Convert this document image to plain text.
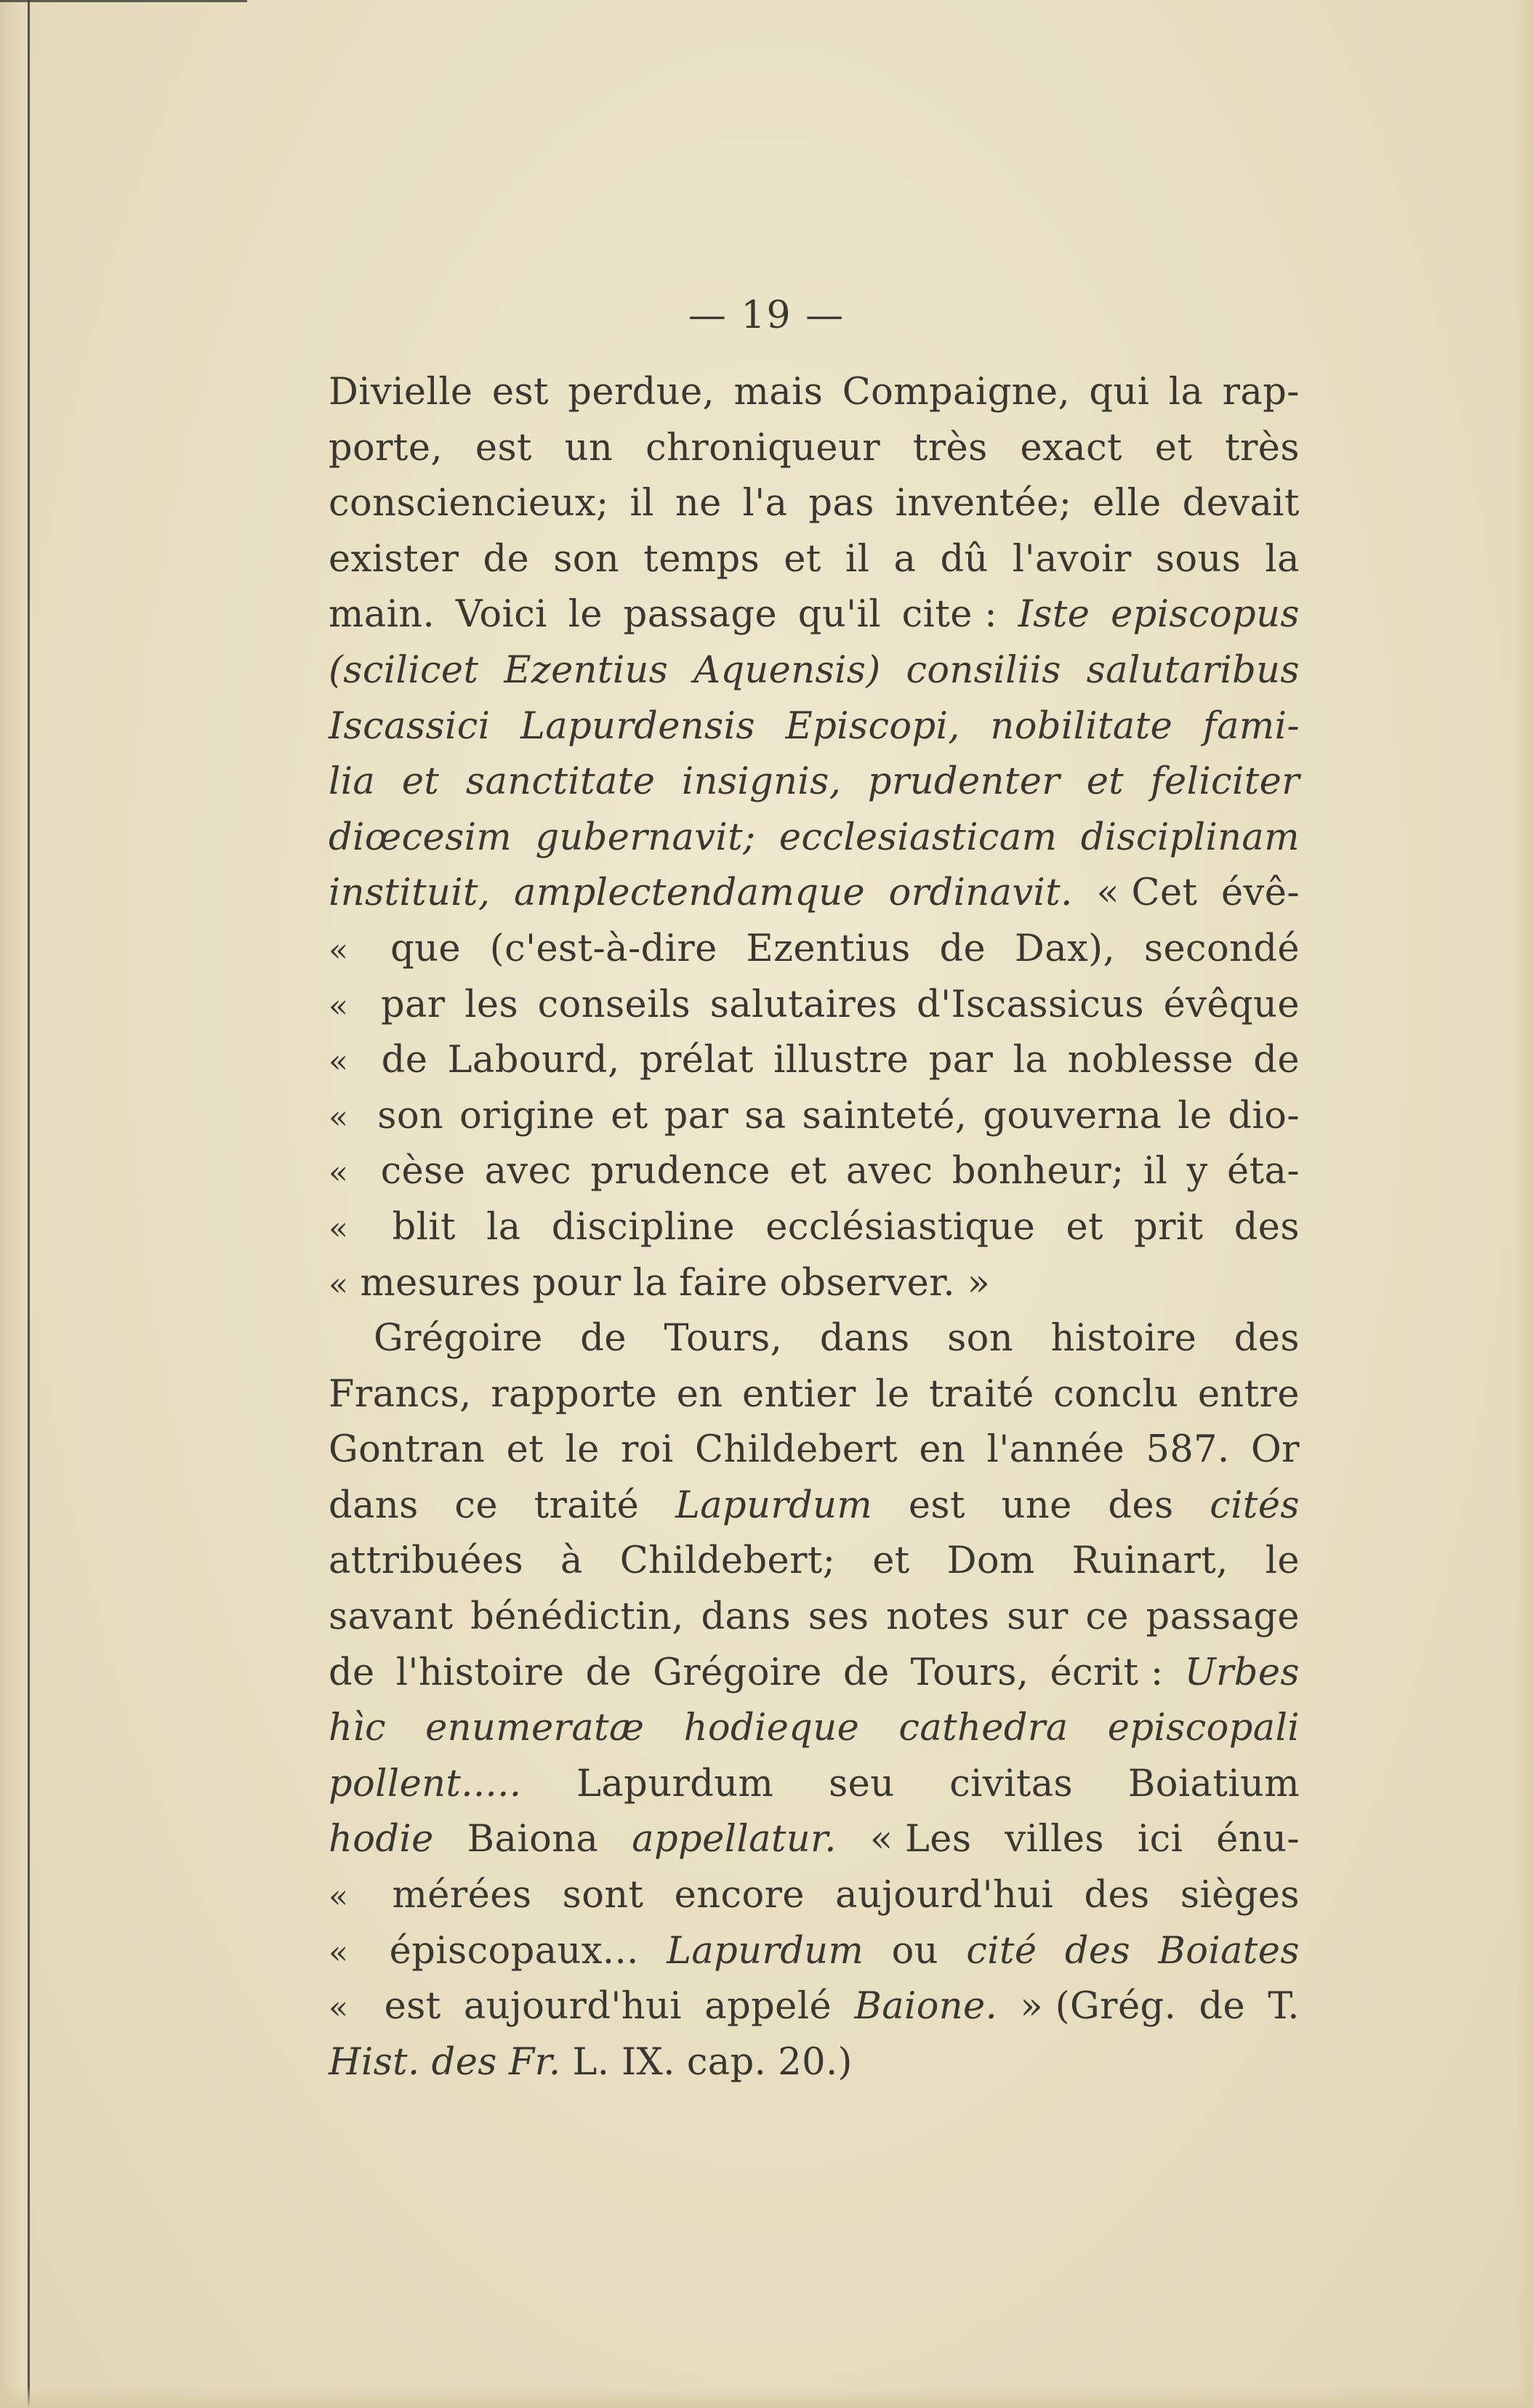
— 19 —
Divielle est perdue, mais Compaigne, qui la rap-
porte, est un chroniqueur très exact et très
consciencieux; il ne l'a pas inventée; elle devait
exister de son temps et il a dû l'avoir sous la
main. Voici le passage qu'il cite : Iste episcopus
(scilicet Ezentius Aquensis) consiliis salutaribus
Iscassici Lapurdensis Episcopi, nobilitate fami-
lia et sanctitate insignis, prudenter et feliciter
diœcesim gubernavit; ecclesiasticam disciplinam
instituit, amplectendamque ordinavit. « Cet évê-
« que (c'est-à-dire Ezentius de Dax), secondé
« par les conseils salutaires d'Iscassicus évêque
« de Labourd, prélat illustre par la noblesse de
« son origine et par sa sainteté, gouverna le dio-
« cèse avec prudence et avec bonheur; il y éta-
« blit la discipline ecclésiastique et prit des
« mesures pour la faire observer. »
Grégoire de Tours, dans son histoire des
Francs, rapporte en entier le traité conclu entre
Gontran et le roi Childebert en l'année 587. Or
dans ce traité Lapurdum est une des cités
attribuées à Childebert; et Dom Ruinart, le
savant bénédictin, dans ses notes sur ce passage
de l'histoire de Grégoire de Tours, écrit : Urbes
hìc enumeratæ hodieque cathedra episcopali
pollent..... Lapurdum seu civitas Boiatium
hodie Baiona appellatur. « Les villes ici énu-
« mérées sont encore aujourd'hui des sièges
« épiscopaux... Lapurdum ou cité des Boiates
« est aujourd'hui appelé Baione. » (Grég. de T.
Hist. des Fr. L. IX. cap. 20.)
